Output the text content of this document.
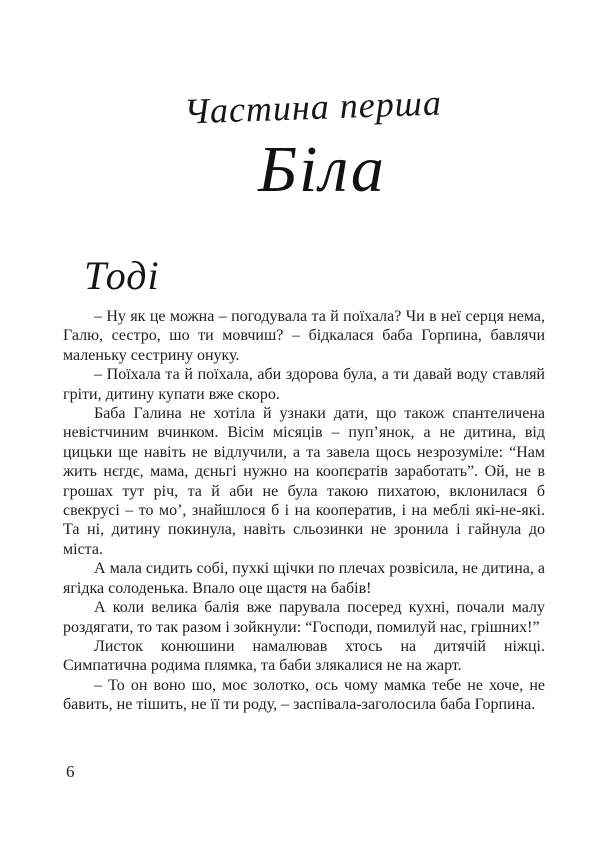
Частина перша
Біла
Тоді

– Ну як це можна – погодувала та й поїхала? Чи в неї серця нема, Галю, сестро, шо ти мовчиш? – бідкалася баба Горпина, бавлячи маленьку сестрину онуку.

– Поїхала та й поїхала, аби здорова була, а ти давай воду ставляй гріти, дитину купати вже скоро.

Баба Галина не хотіла й узнаки дати, що також спантеличена невістчиним вчинком. Вісім місяців – пуп’янок, а не дитина, від цицьки ще навіть не відлучили, а та завела щось незрозуміле: “Нам жить нєгдє, мама, дєньгі нужно на коопєратів заработать”. Ой, не в грошах тут річ, та й аби не була такою пихатою, вклонилася б свекрусі – то мо’, знайшлося б і на кооператив, і на меблі які-не-які. Та ні, дитину покинула, навіть сльозинки не зронила і гайнула до міста.

А мала сидить собі, пухкі щічки по плечах розвісила, не дитина, а ягідка солоденька. Впало оце щастя на бабів!

А коли велика балія вже парувала посеред кухні, почали малу роздягати, то так разом і зойкнули: “Господи, помилуй нас, грішних!”

Листок конюшини намалював хтось на дитячій ніжці. Симпатична родима плямка, та баби злякалися не на жарт.

– То он воно шо, моє золотко, ось чому мамка тебе не хоче, не бавить, не тішить, не її ти роду, – заспівала-заголосила баба Горпина.

6
